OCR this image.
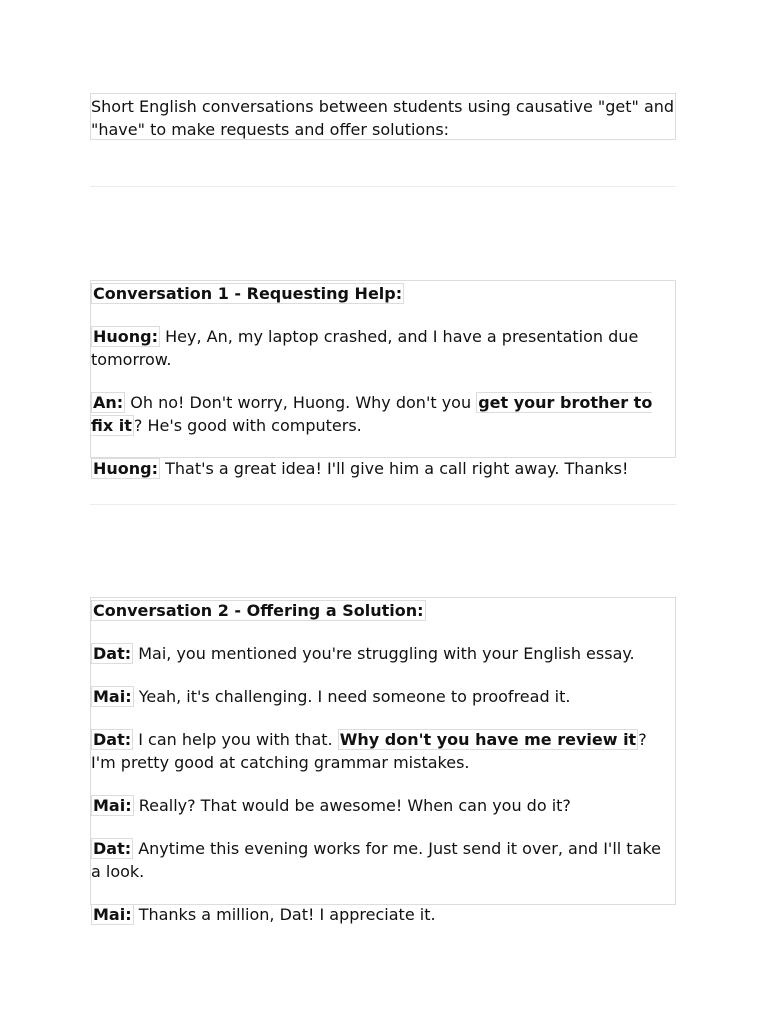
Short English conversations between students using causative "get" and "have" to make requests and offer solutions:

Conversation 1 - Requesting Help:

Huong: Hey, An, my laptop crashed, and I have a presentation due tomorrow.

An: Oh no! Don't worry, Huong. Why don't you get your brother to fix it ? He's good with computers.

Huong: That's a great idea! I'll give him a call right away. Thanks!

Conversation 2 - Offering a Solution:

Dat: Mai, you mentioned you're struggling with your English essay.

Mai: Yeah, it's challenging. I need someone to proofread it.

Dat: I can help you with that. Why don't you have me review it ? I'm pretty good at catching grammar mistakes.

Mai: Really? That would be awesome! When can you do it?

Dat: Anytime this evening works for me. Just send it over, and I'll take a look.

Mai: Thanks a million, Dat! I appreciate it.
